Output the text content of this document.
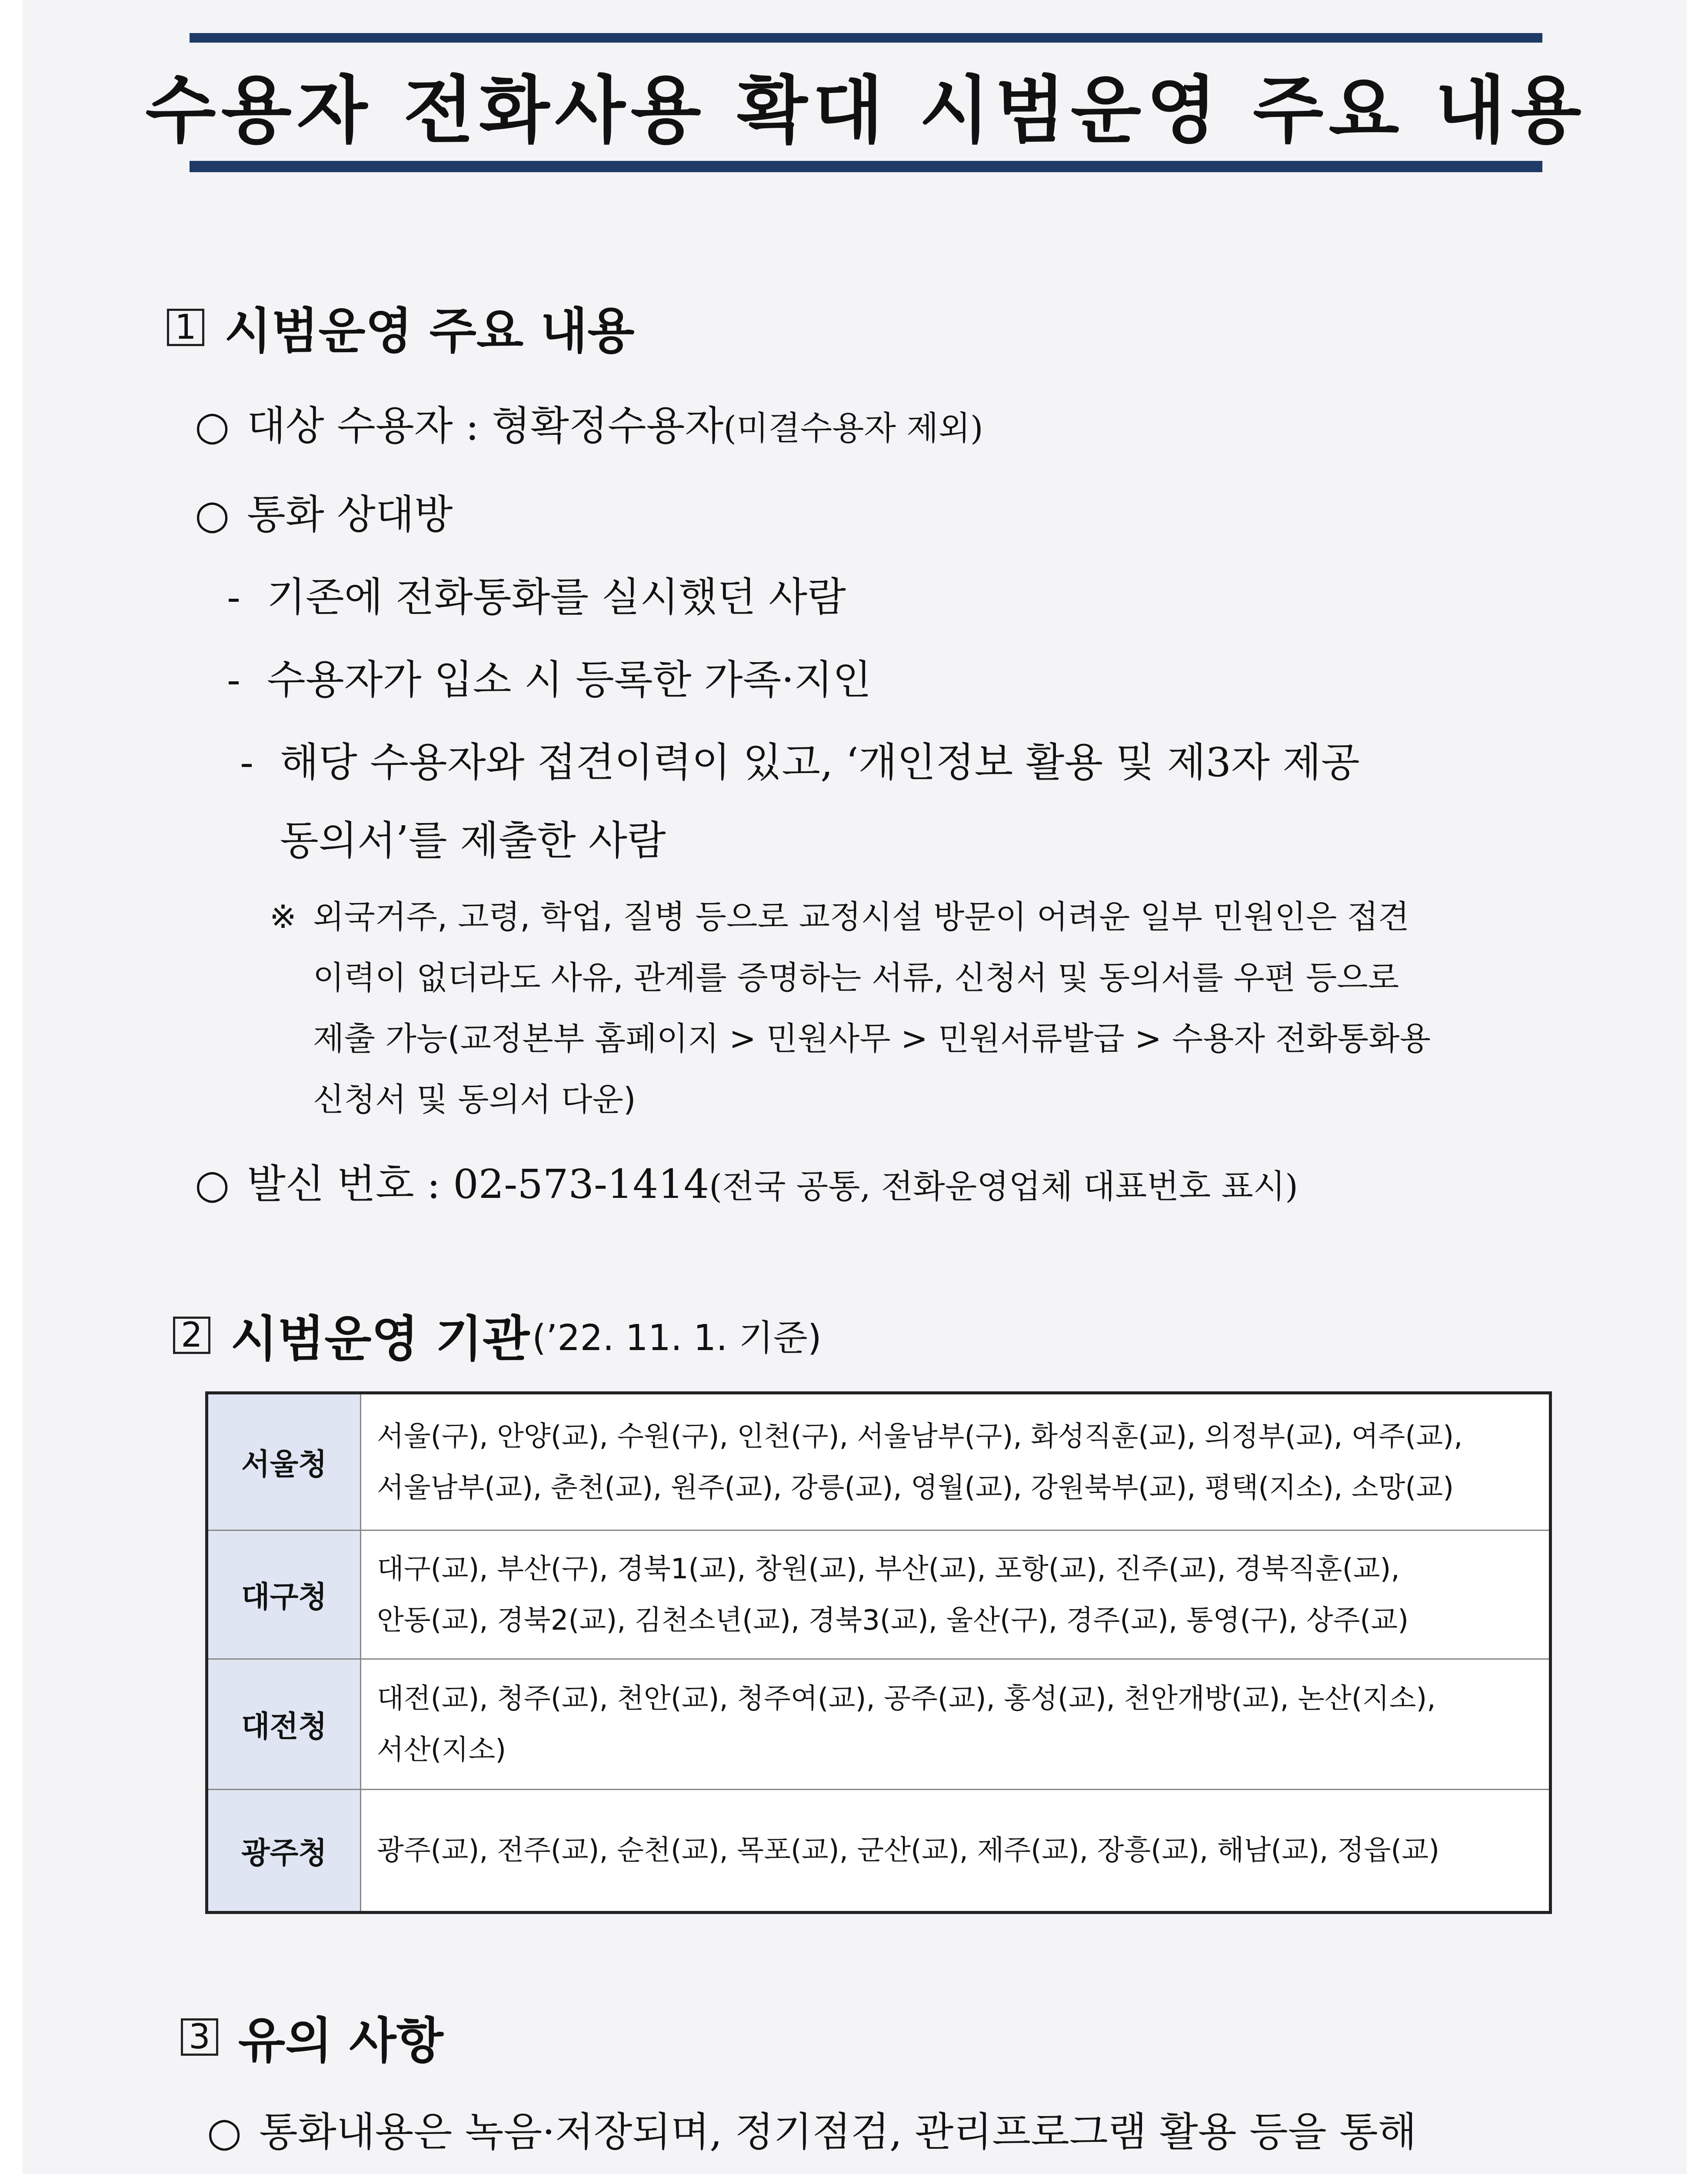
수용자 전화사용 확대 시범운영 주요 내용
1 시범운영 주요 내용
○ 대상 수용자 : 형확정수용자(미결수용자 제외)
○ 통화 상대방
- 기존에 전화통화를 실시했던 사람
- 수용자가 입소 시 등록한 가족·지인
- 해당 수용자와 접견이력이 있고, ‘개인정보 활용 및 제3자 제공
동의서’를 제출한 사람
※ 외국거주, 고령, 학업, 질병 등으로 교정시설 방문이 어려운 일부 민원인은 접견
이력이 없더라도 사유, 관계를 증명하는 서류, 신청서 및 동의서를 우편 등으로
제출 가능(교정본부 홈페이지 > 민원사무 > 민원서류발급 > 수용자 전화통화용
신청서 및 동의서 다운)
○ 발신 번호 : 02-573-1414(전국 공통, 전화운영업체 대표번호 표시)
2 시범운영 기관 (’22. 11. 1. 기준)
서울청
서울(구), 안양(교), 수원(구), 인천(구), 서울남부(구), 화성직훈(교), 의정부(교), 여주(교),
서울남부(교), 춘천(교), 원주(교), 강릉(교), 영월(교), 강원북부(교), 평택(지소), 소망(교)
대구청
대구(교), 부산(구), 경북1(교), 창원(교), 부산(교), 포항(교), 진주(교), 경북직훈(교),
안동(교), 경북2(교), 김천소년(교), 경북3(교), 울산(구), 경주(교), 통영(구), 상주(교)
대전청
대전(교), 청주(교), 천안(교), 청주여(교), 공주(교), 홍성(교), 천안개방(교), 논산(지소),
서산(지소)
광주청	광주(교), 전주(교), 순천(교), 목포(교), 군산(교), 제주(교), 장흥(교), 해남(교), 정읍(교)
3 유의 사항
○ 통화내용은 녹음·저장되며, 정기점검, 관리프로그램 활용 등을 통해
